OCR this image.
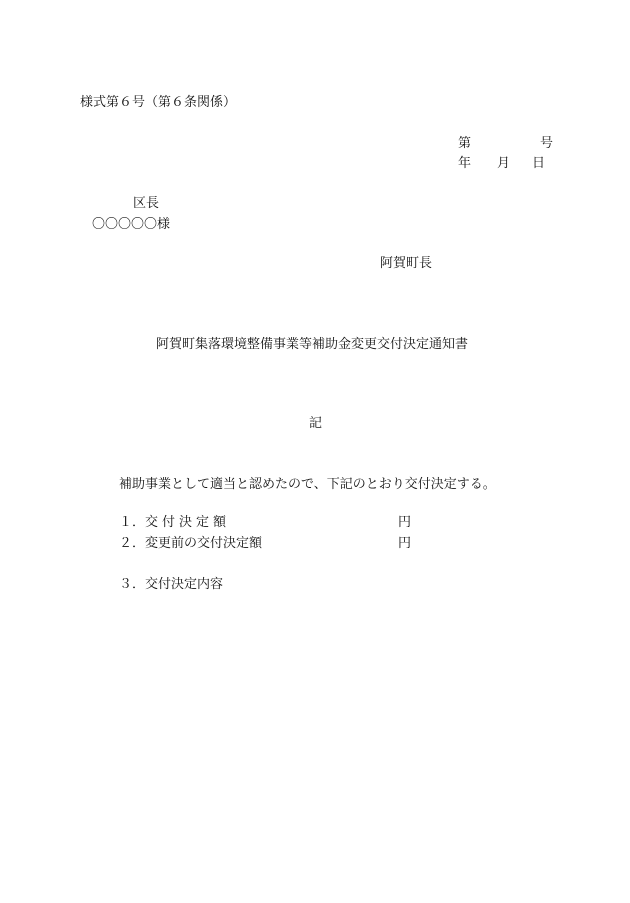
様式第６号（第６条関係）
第	号
年 月 日
区長
〇〇〇〇〇様
阿賀町長
阿賀町集落環境整備事業等補助金変更交付決定通知書
記
補助事業として適当と認めたので、下記のとおり交付決定する。
１． 交付決定額	円
２． 変更前の交付決定額	円
３． 交付決定内容
